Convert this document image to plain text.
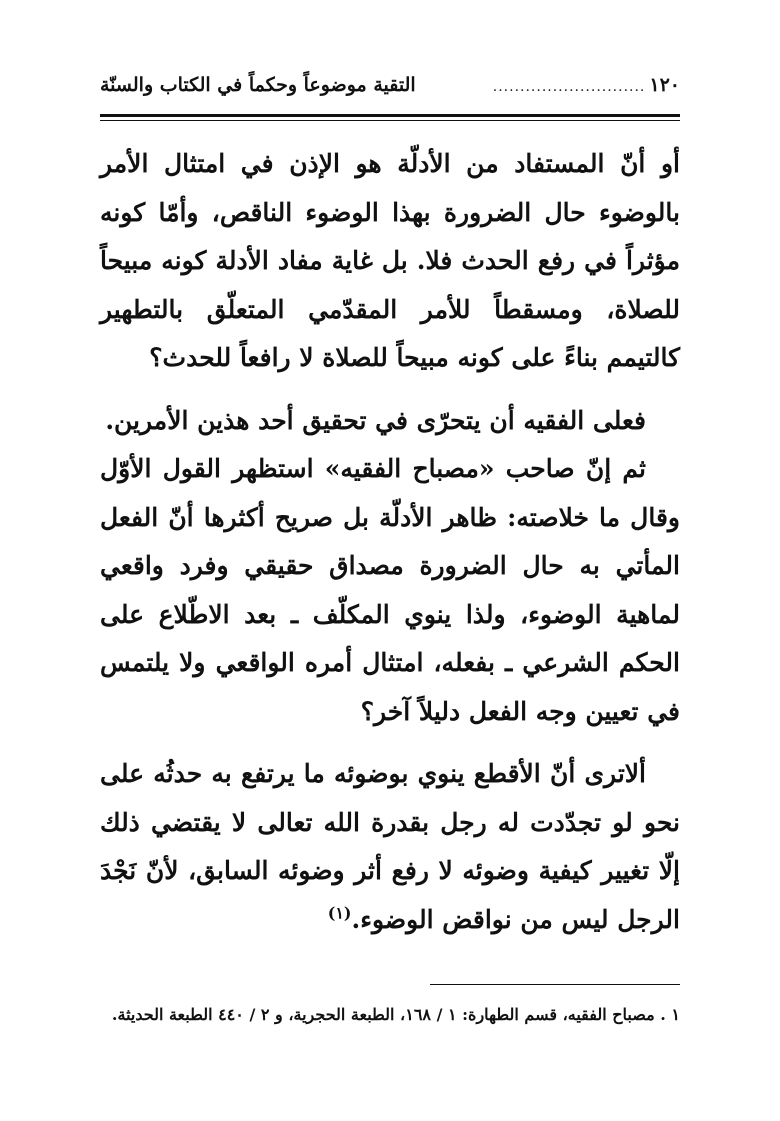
١٢٠
............................
التقية موضوعاً وحكماً في الكتاب والسنّة

أو أنّ المستفاد من الأدلّة هو الإذن في امتثال الأمر بالوضوء حال الضرورة بهذا الوضوء الناقص، وأمّا كونه مؤثراً في رفع الحدث فلا. بل غاية مفاد الأدلة كونه مبيحاً للصلاة، ومسقطاً للأمر المقدّمي المتعلّق بالتطهير كالتيمم بناءً على كونه مبيحاً للصلاة لا رافعاً للحدث؟

فعلى الفقيه أن يتحرّى في تحقيق أحد هذين الأمرين.

ثم إنّ صاحب «مصباح الفقيه» استظهر القول الأوّل وقال ما خلاصته: ظاهر الأدلّة بل صريح أكثرها أنّ الفعل المأتي به حال الضرورة مصداق حقيقي وفرد واقعي لماهية الوضوء، ولذا ينوي المكلّف ـ بعد الاطّلاع على الحكم الشرعي ـ بفعله، امتثال أمره الواقعي ولا يلتمس في تعيين وجه الفعل دليلاً آخر؟

ألاترى أنّ الأقطع ينوي بوضوئه ما يرتفع به حدثُه على نحو لو تجدّدت له رجل بقدرة الله تعالى لا يقتضي ذلك إلّا تغيير كيفية وضوئه لا رفع أثر وضوئه السابق، لأنّ نَجْدَ الرجل ليس من نواقض الوضوء.$^{(١)}$

١ . مصباح الفقيه، قسم الطهارة: ١ / ١٦٨، الطبعة الحجرية، و ٢ / ٤٤٠ الطبعة الحديثة.
